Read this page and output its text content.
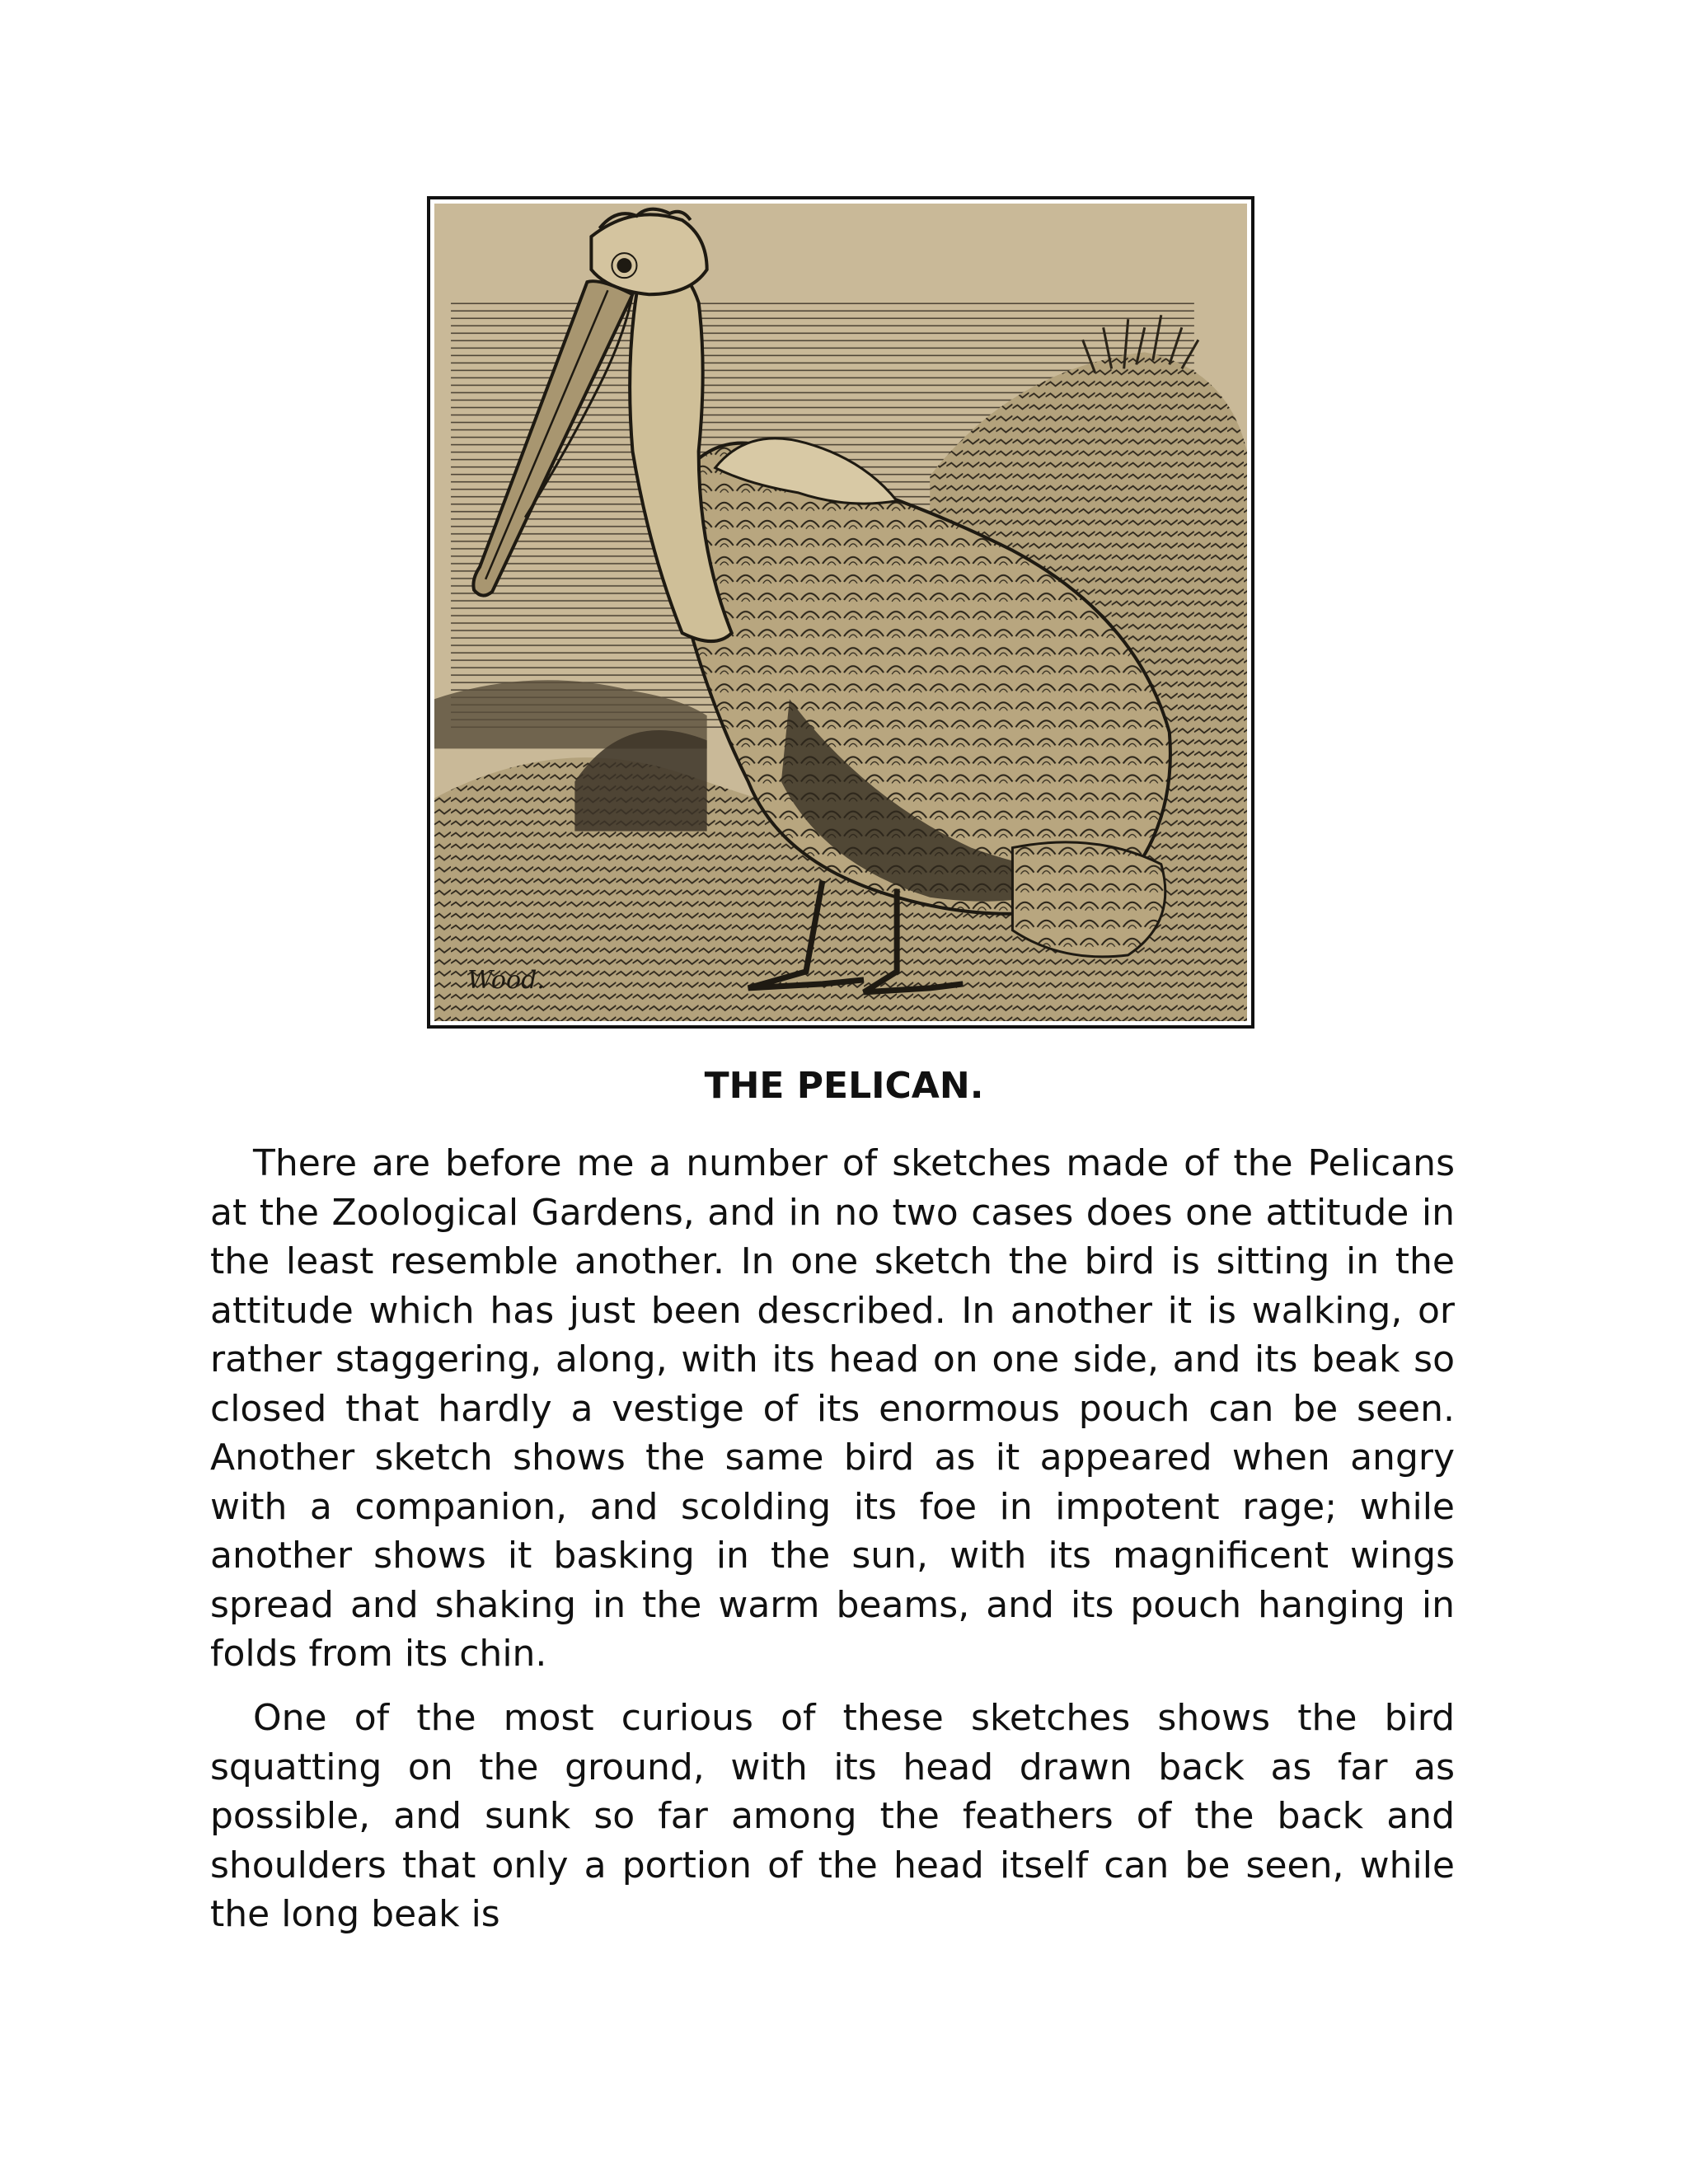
Wood.
THE PELICAN.

There are before me a number of sketches made of the Pelicans at the Zoological Gardens, and in no two cases does one attitude in the least resemble another. In one sketch the bird is sitting in the attitude which has just been described. In another it is walking, or rather staggering, along, with its head on one side, and its beak so closed that hardly a vestige of its enormous pouch can be seen. Another sketch shows the same bird as it appeared when angry with a companion, and scolding its foe in impotent rage; while another shows it basking in the sun, with its magnificent wings spread and shaking in the warm beams, and its pouch hanging in folds from its chin.

One of the most curious of these sketches shows the bird squatting on the ground, with its head drawn back as far as possible, and sunk so far among the feathers of the back and shoulders that only a portion of the head itself can be seen, while the long beak is
